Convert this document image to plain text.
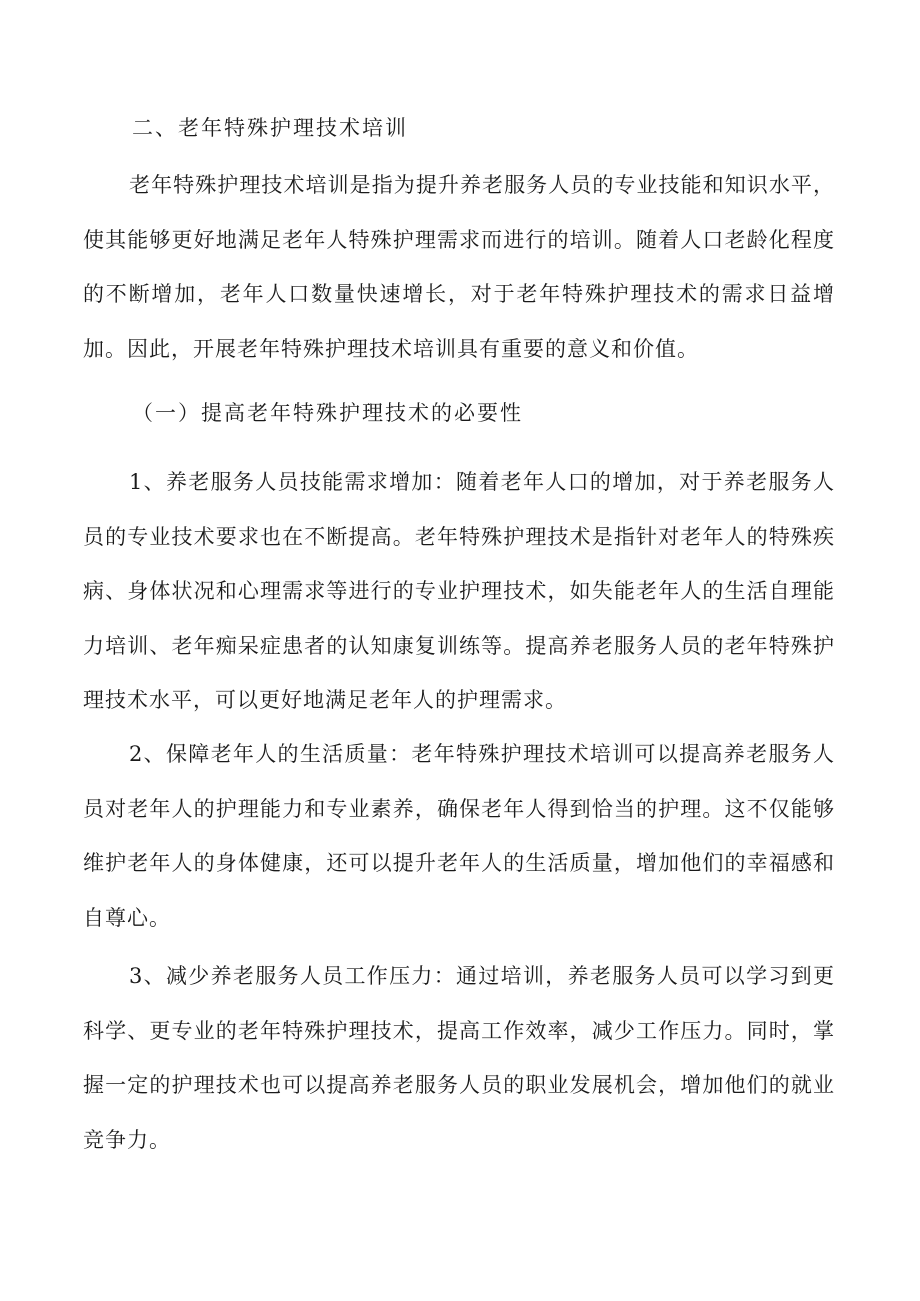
二、老年特殊护理技术培训

老年特殊护理技术培训是指为提升养老服务人员的专业技能和知识水平，使其能够更好地满足老年人特殊护理需求而进行的培训。随着人口老龄化程度的不断增加，老年人口数量快速增长，对于老年特殊护理技术的需求日益增加。因此，开展老年特殊护理技术培训具有重要的意义和价值。

（一）提高老年特殊护理技术的必要性

1、养老服务人员技能需求增加：随着老年人口的增加，对于养老服务人员的专业技术要求也在不断提高。老年特殊护理技术是指针对老年人的特殊疾病、身体状况和心理需求等进行的专业护理技术，如失能老年人的生活自理能力培训、老年痴呆症患者的认知康复训练等。提高养老服务人员的老年特殊护理技术水平，可以更好地满足老年人的护理需求。

2、保障老年人的生活质量：老年特殊护理技术培训可以提高养老服务人员对老年人的护理能力和专业素养，确保老年人得到恰当的护理。这不仅能够维护老年人的身体健康，还可以提升老年人的生活质量，增加他们的幸福感和自尊心。

3、减少养老服务人员工作压力：通过培训，养老服务人员可以学习到更科学、更专业的老年特殊护理技术，提高工作效率，减少工作压力。同时，掌握一定的护理技术也可以提高养老服务人员的职业发展机会，增加他们的就业竞争力。
